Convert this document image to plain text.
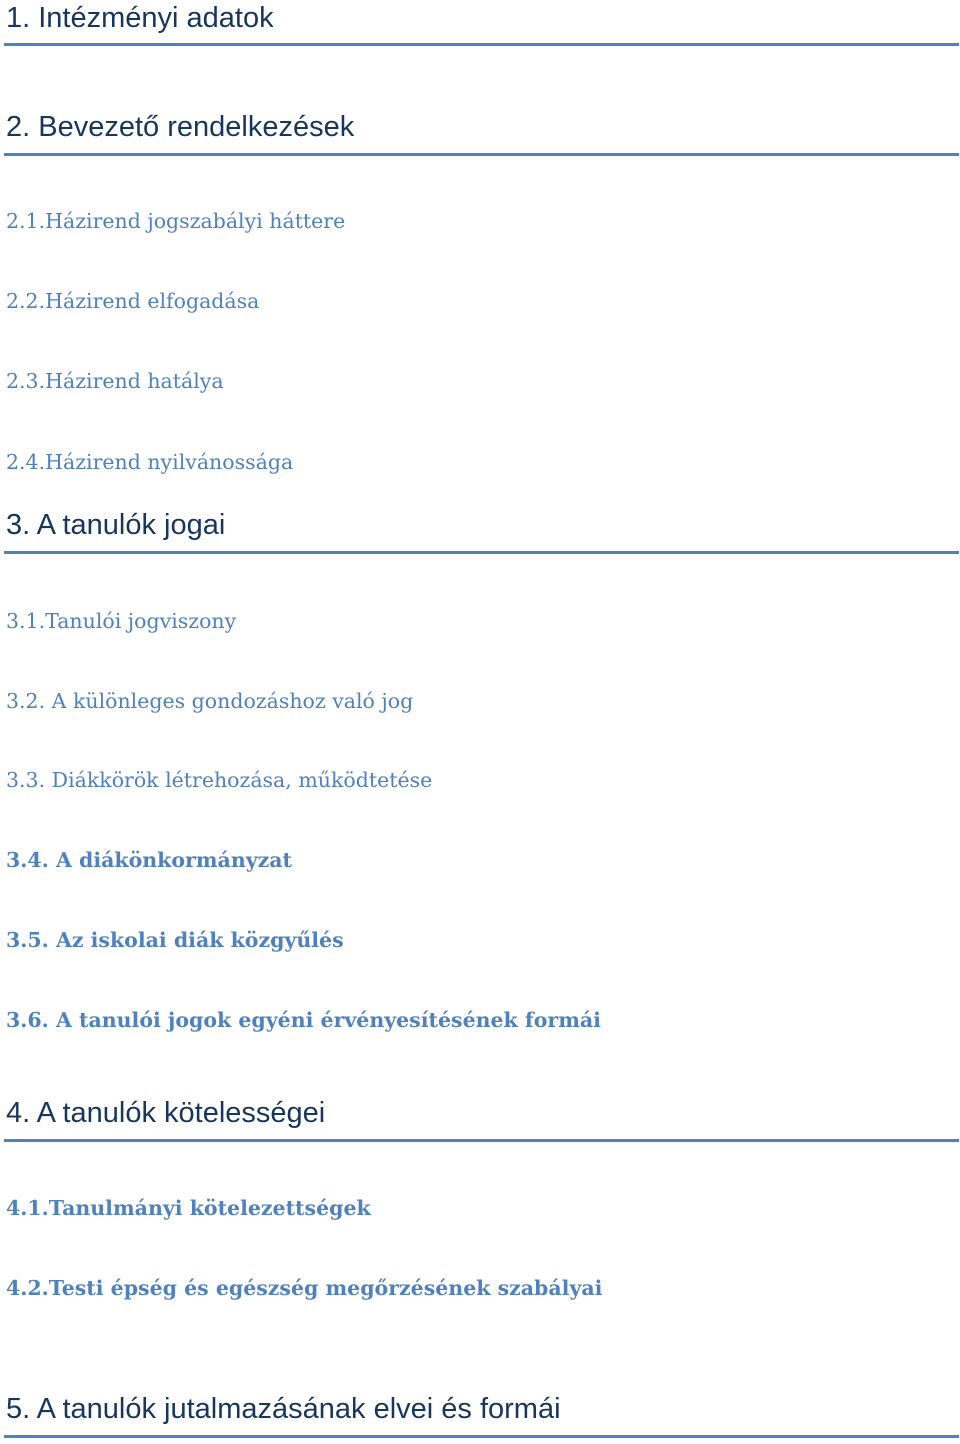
1. Intézményi adatok
2. Bevezető rendelkezések
2.1.Házirend jogszabályi háttere
2.2.Házirend elfogadása
2.3.Házirend hatálya
2.4.Házirend nyilvánossága
3. A tanulók jogai
3.1.Tanulói jogviszony
3.2. A különleges gondozáshoz való jog
3.3. Diákkörök létrehozása, működtetése
3.4. A diákönkormányzat
3.5. Az iskolai diák közgyűlés
3.6. A tanulói jogok egyéni érvényesítésének formái
4. A tanulók kötelességei
4.1.Tanulmányi kötelezettségek
4.2.Testi épség és egészség megőrzésének szabályai
5. A tanulók jutalmazásának elvei és formái
